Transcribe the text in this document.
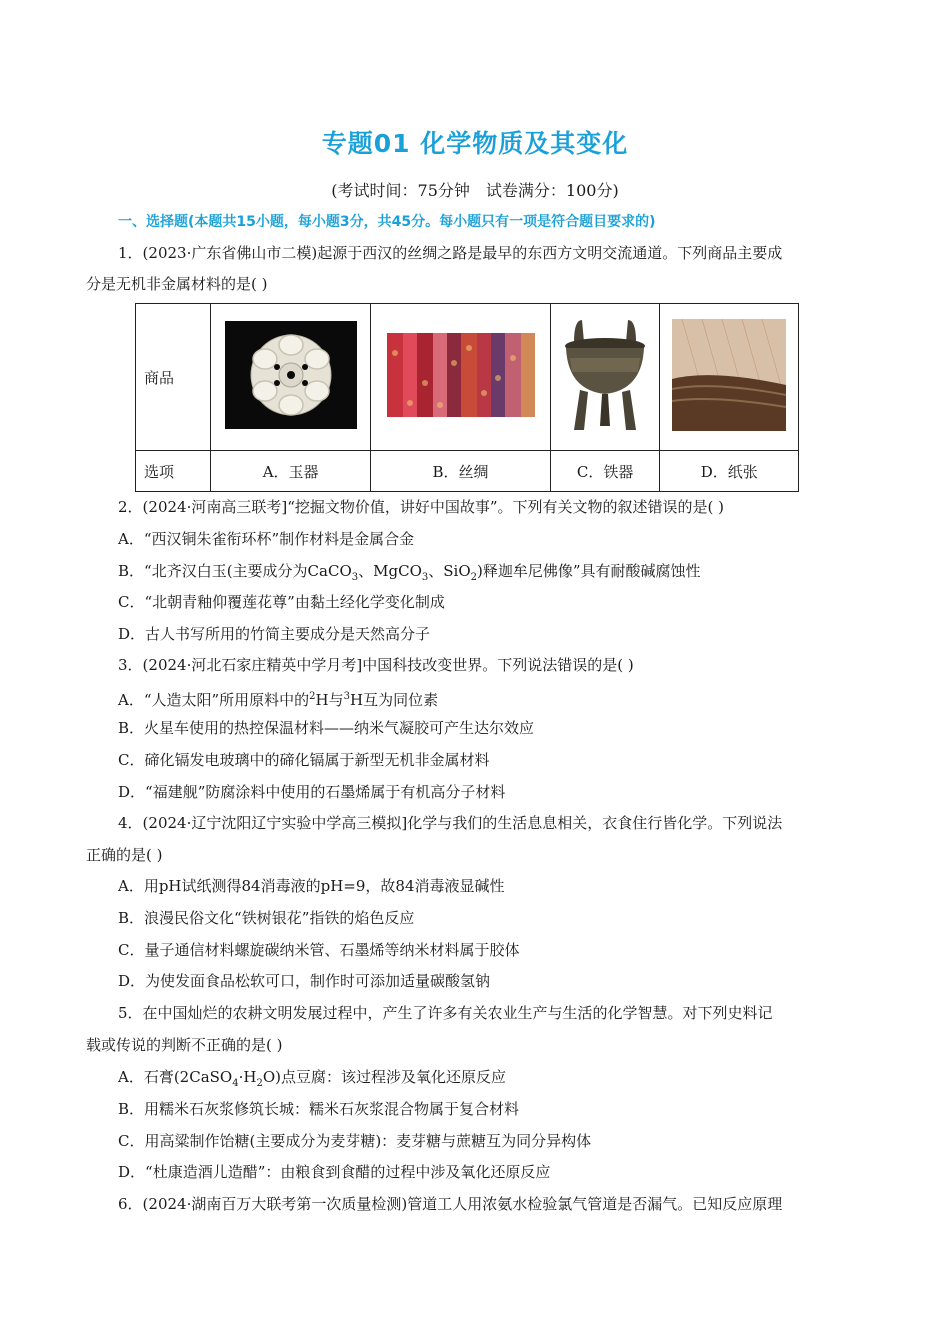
专题01 化学物质及其变化
(考试时间：75分钟　试卷满分：100分)
一、选择题(本题共15小题，每小题3分，共45分。每小题只有一项是符合题目要求的)
1．(2023·广东省佛山市二模)起源于西汉的丝绸之路是最早的东西方文明交流通道。下列商品主要成
分是无机非金属材料的是( )
商品				
选项	A．玉器	B．丝绸	C．铁器	D．纸张
2．(2024·河南高三联考]“挖掘文物价值，讲好中国故事”。下列有关文物的叙述错误的是( )
A．“西汉铜朱雀衔环杯”制作材料是金属合金
B．“北齐汉白玉(主要成分为CaCO$_3$、MgCO$_3$、SiO$_2$)释迦牟尼佛像”具有耐酸碱腐蚀性
C．“北朝青釉仰覆莲花尊”由黏土经化学变化制成
D．古人书写所用的竹简主要成分是天然高分子
3．(2024·河北石家庄精英中学月考]中国科技改变世界。下列说法错误的是( )
A．“人造太阳”所用原料中的$^2$H与$^3$H互为同位素
B．火星车使用的热控保温材料——纳米气凝胶可产生达尔效应
C．碲化镉发电玻璃中的碲化镉属于新型无机非金属材料
D．“福建舰”防腐涂料中使用的石墨烯属于有机高分子材料
4．(2024·辽宁沈阳辽宁实验中学高三模拟]化学与我们的生活息息相关，衣食住行皆化学。下列说法
正确的是( )
A．用pH试纸测得84消毒液的pH=9，故84消毒液显碱性
B．浪漫民俗文化“铁树银花”指铁的焰色反应
C．量子通信材料螺旋碳纳米管、石墨烯等纳米材料属于胶体
D．为使发面食品松软可口，制作时可添加适量碳酸氢钠
5．在中国灿烂的农耕文明发展过程中，产生了许多有关农业生产与生活的化学智慧。对下列史料记
载或传说的判断不正确的是( )
A．石膏$(2CaSO_4\cdot H_2O)$点豆腐：该过程涉及氧化还原反应
B．用糯米石灰浆修筑长城：糯米石灰浆混合物属于复合材料
C．用高粱制作饴糖(主要成分为麦芽糖)：麦芽糖与蔗糖互为同分异构体
D．“杜康造酒儿造醋”：由粮食到食醋的过程中涉及氧化还原反应
6．(2024·湖南百万大联考第一次质量检测)管道工人用浓氨水检验氯气管道是否漏气。已知反应原理
